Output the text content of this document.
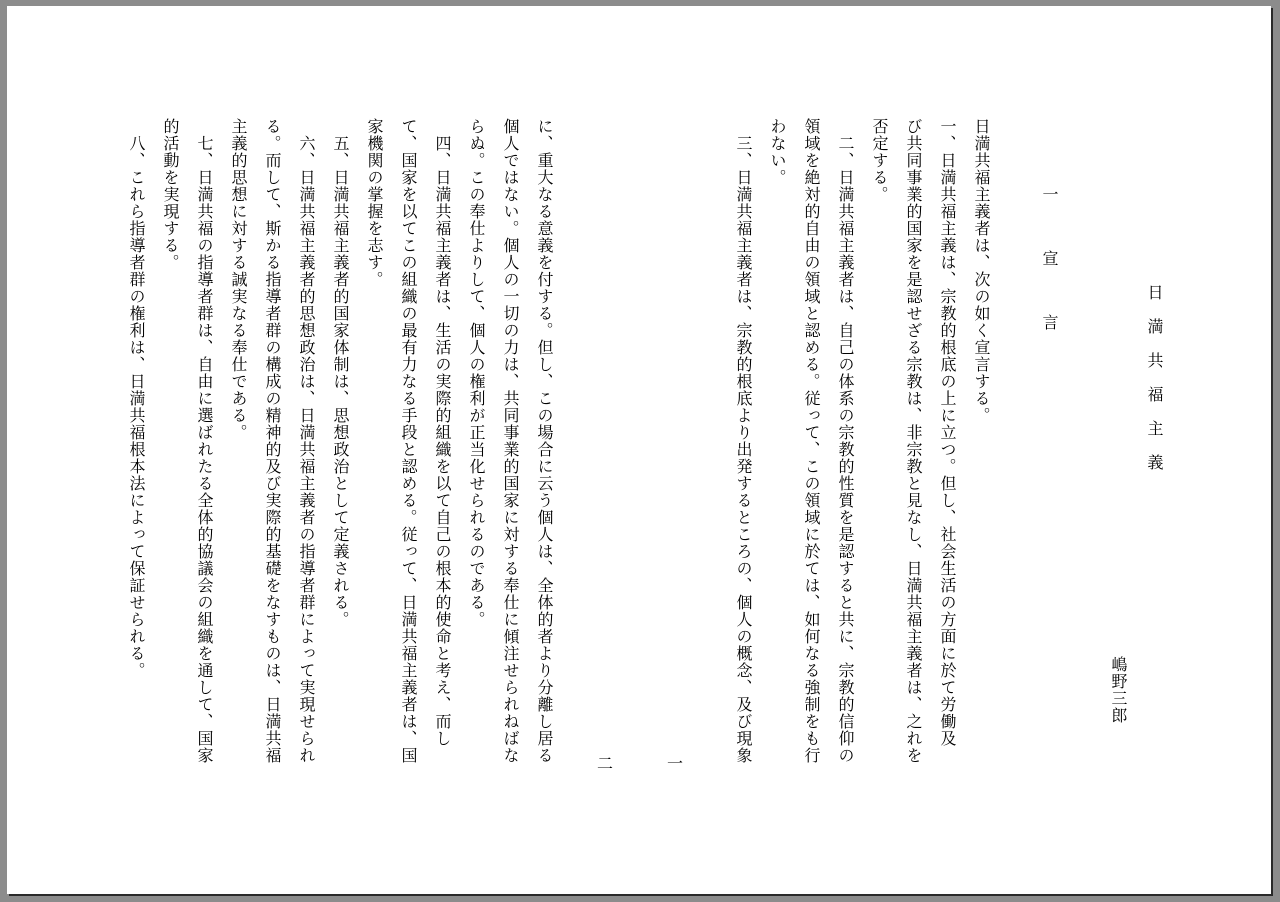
日満共福主義
嶋野三郎
一　宣　言
日満共福主義者は、次の如く宣言する。
一、日満共福主義は、宗教的根底の上に立つ。但し、社会生活の方面に於て労働及
び共同事業的国家を是認せざる宗教は、非宗教と見なし、日満共福主義者は、之れを
否定する。
　二、日満共福主義者は、自己の体系の宗教的性質を是認すると共に、宗教的信仰の
領域を絶対的自由の領域と認める。従って、この領域に於ては、如何なる強制をも行
わない。
　三、日満共福主義者は、宗教的根底より出発するところの、個人の概念、及び現象
一
二
に、重大なる意義を付する。但し、この場合に云う個人は、全体的者より分離し居る
個人ではない。個人の一切の力は、共同事業的国家に対する奉仕に傾注せられねばな
らぬ。この奉仕よりして、個人の権利が正当化せられるのである。
　四、日満共福主義者は、生活の実際的組織を以て自己の根本的使命と考え、而し
て、国家を以てこの組織の最有力なる手段と認める。従って、日満共福主義者は、国
家機関の掌握を志す。
　五、日満共福主義者的国家体制は、思想政治として定義される。
　六、日満共福主義者的思想政治は、日満共福主義者の指導者群によって実現せられ
る。而して、斯かる指導者群の構成の精神的及び実際的基礎をなすものは、日満共福
主義的思想に対する誠実なる奉仕である。
　七、日満共福の指導者群は、自由に選ばれたる全体的協議会の組織を通して、国家
的活動を実現する。
　八、これら指導者群の権利は、日満共福根本法によって保証せられる。
